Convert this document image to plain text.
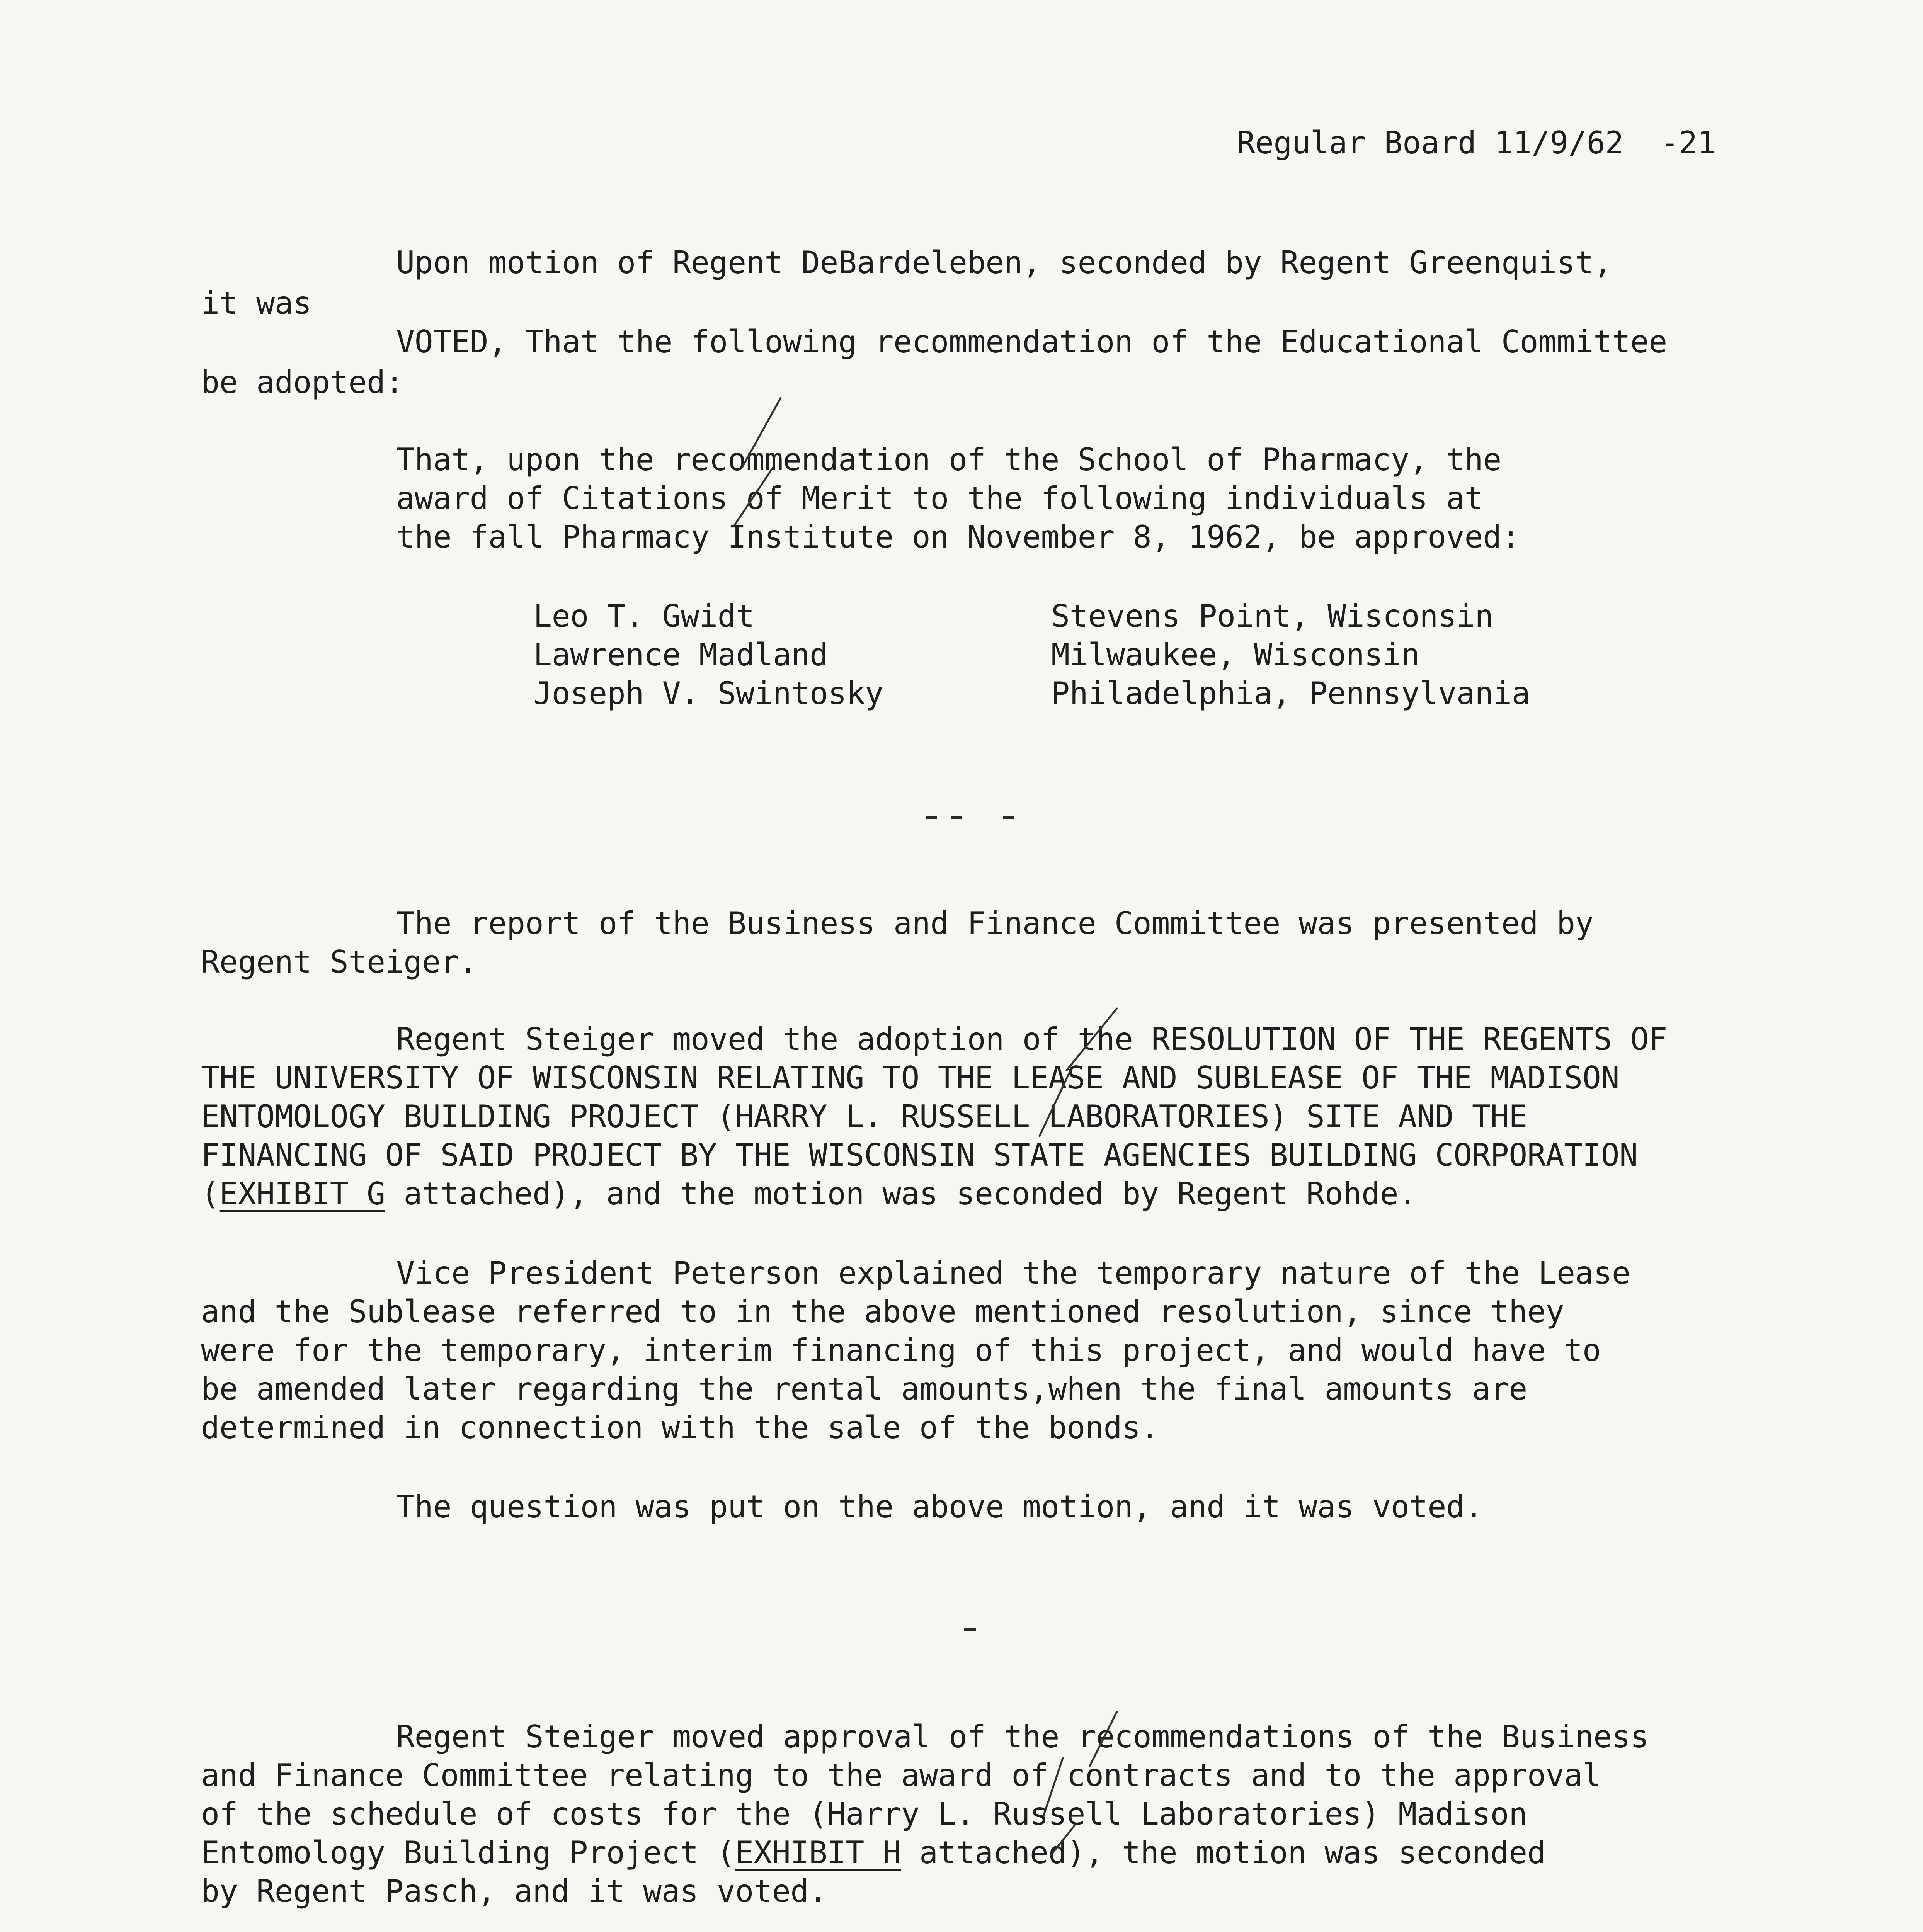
Regular Board 11/9/62  -21
Upon motion of Regent DeBardeleben, seconded by Regent Greenquist,
it was
VOTED, That the following recommendation of the Educational Committee
be adopted:
That, upon the recommendation of the School of Pharmacy, the
award of Citations of Merit to the following individuals at
the fall Pharmacy Institute on November 8, 1962, be approved:
Leo T. Gwidt	Stevens Point, Wisconsin
Lawrence Madland	Milwaukee, Wisconsin
Joseph V. Swintosky	Philadelphia, Pennsylvania
The report of the Business and Finance Committee was presented by
Regent Steiger.
Regent Steiger moved the adoption of the RESOLUTION OF THE REGENTS OF
THE UNIVERSITY OF WISCONSIN RELATING TO THE LEASE AND SUBLEASE OF THE MADISON
ENTOMOLOGY BUILDING PROJECT (HARRY L. RUSSELL LABORATORIES) SITE AND THE
FINANCING OF SAID PROJECT BY THE WISCONSIN STATE AGENCIES BUILDING CORPORATION
(EXHIBIT G attached), and the motion was seconded by Regent Rohde.
Vice President Peterson explained the temporary nature of the Lease
and the Sublease referred to in the above mentioned resolution, since they
were for the temporary, interim financing of this project, and would have to
be amended later regarding the rental amounts,when the final amounts are
determined in connection with the sale of the bonds.
The question was put on the above motion, and it was voted.
Regent Steiger moved approval of the recommendations of the Business
and Finance Committee relating to the award of contracts and to the approval
of the schedule of costs for the (Harry L. Russell Laboratories) Madison
Entomology Building Project (EXHIBIT H attached), the motion was seconded
by Regent Pasch, and it was voted.
